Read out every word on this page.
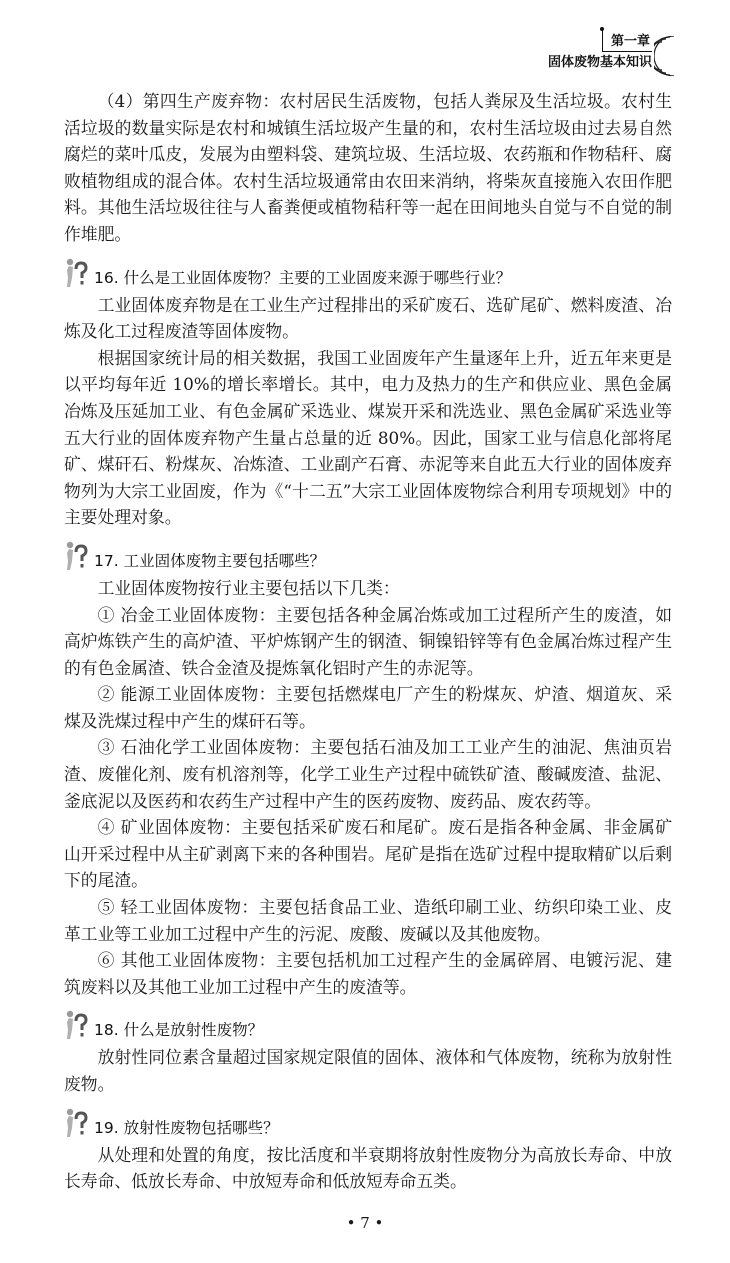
第一章
固体废物基本知识

（4）第四生产废弃物：农村居民生活废物，包括人粪尿及生活垃圾。农村生活垃圾的数量实际是农村和城镇生活垃圾产生量的和，农村生活垃圾由过去易自然腐烂的菜叶瓜皮，发展为由塑料袋、建筑垃圾、生活垃圾、农药瓶和作物秸秆、腐败植物组成的混合体。农村生活垃圾通常由农田来消纳，将柴灰直接施入农田作肥料。其他生活垃圾往往与人畜粪便或植物秸秆等一起在田间地头自觉与不自觉的制作堆肥。

16. 什么是工业固体废物？主要的工业固废来源于哪些行业？

工业固体废弃物是在工业生产过程排出的采矿废石、选矿尾矿、燃料废渣、冶炼及化工过程废渣等固体废物。

根据国家统计局的相关数据，我国工业固废年产生量逐年上升，近五年来更是以平均每年近 10%的增长率增长。其中，电力及热力的生产和供应业、黑色金属冶炼及压延加工业、有色金属矿采选业、煤炭开采和洗选业、黑色金属矿采选业等五大行业的固体废弃物产生量占总量的近 80%。因此，国家工业与信息化部将尾矿、煤矸石、粉煤灰、冶炼渣、工业副产石膏、赤泥等来自此五大行业的固体废弃物列为大宗工业固废，作为《“十二五”大宗工业固体废物综合利用专项规划》中的主要处理对象。

17. 工业固体废物主要包括哪些？

工业固体废物按行业主要包括以下几类：

① 冶金工业固体废物：主要包括各种金属冶炼或加工过程所产生的废渣，如高炉炼铁产生的高炉渣、平炉炼钢产生的钢渣、铜镍铅锌等有色金属冶炼过程产生的有色金属渣、铁合金渣及提炼氧化铝时产生的赤泥等。

② 能源工业固体废物：主要包括燃煤电厂产生的粉煤灰、炉渣、烟道灰、采煤及洗煤过程中产生的煤矸石等。

③ 石油化学工业固体废物：主要包括石油及加工工业产生的油泥、焦油页岩渣、废催化剂、废有机溶剂等，化学工业生产过程中硫铁矿渣、酸碱废渣、盐泥、釜底泥以及医药和农药生产过程中产生的医药废物、废药品、废农药等。

④ 矿业固体废物：主要包括采矿废石和尾矿。废石是指各种金属、非金属矿山开采过程中从主矿剥离下来的各种围岩。尾矿是指在选矿过程中提取精矿以后剩下的尾渣。

⑤ 轻工业固体废物：主要包括食品工业、造纸印刷工业、纺织印染工业、皮革工业等工业加工过程中产生的污泥、废酸、废碱以及其他废物。

⑥ 其他工业固体废物：主要包括机加工过程产生的金属碎屑、电镀污泥、建筑废料以及其他工业加工过程中产生的废渣等。

18. 什么是放射性废物？

放射性同位素含量超过国家规定限值的固体、液体和气体废物，统称为放射性废物。

19. 放射性废物包括哪些？

从处理和处置的角度，按比活度和半衰期将放射性废物分为高放长寿命、中放长寿命、低放长寿命、中放短寿命和低放短寿命五类。

• 7 •
